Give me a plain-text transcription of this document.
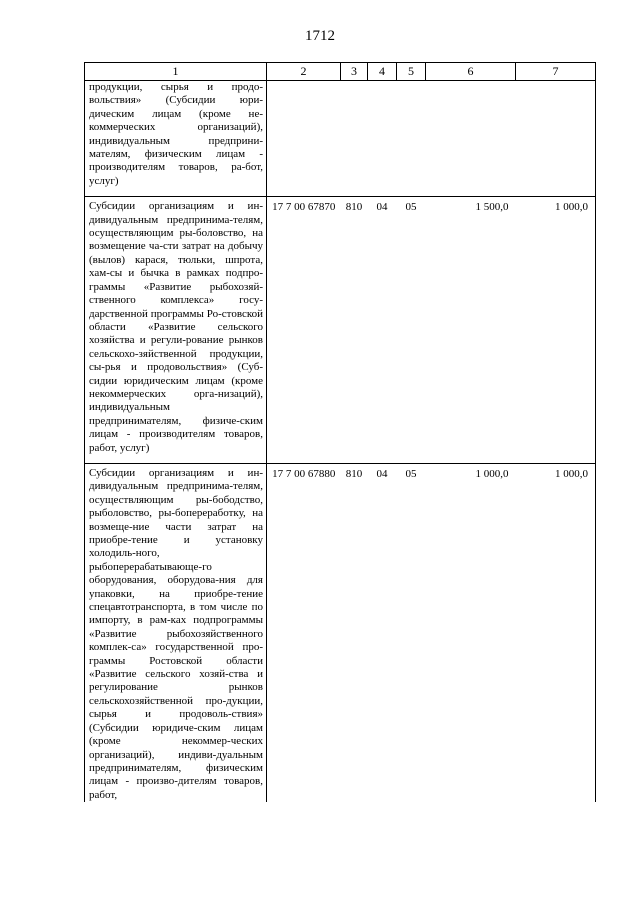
1712
1	2	3	4	5	6	7
продукции, сырья и продо-вольствия» (Субсидии юри-дическим лицам (кроме не-коммерческих организаций), индивидуальным предприни-мателям, физическим лицам - производителям товаров, ра-бот, услуг)						
Субсидии организациям и ин-дивидуальным предпринима-телям, осуществляющим ры-боловство, на возмещение ча-сти затрат на добычу (вылов) карася, тюльки, шпрота, хам-сы и бычка в рамках подпро-граммы «Развитие рыбохозяй-ственного комплекса» госу-дарственной программы Ро-стовской области «Развитие сельского хозяйства и регули-рование рынков сельскохо-зяйственной продукции, сы-рья и продовольствия» (Суб-сидии юридическим лицам (кроме некоммерческих орга-низаций), индивидуальным предпринимателям, физиче-ским лицам - производителям товаров, работ, услуг)	17 7 00 67870	810	04	05	1 500,0	1 000,0
Субсидии организациям и ин-дивидуальным предпринима-телям, осуществляющим ры-бободство, рыболовство, ры-бопереработку, на возмеще-ние части затрат на приобре-тение и установку холодиль-ного, рыбоперерабатывающе-го оборудования, оборудова-ния для упаковки, на приобре-тение спецавтотранспорта, в том числе по импорту, в рам-ках подпрограммы «Развитие рыбохозяйственного комплек-са» государственной про-граммы Ростовской области «Развитие сельского хозяй-ства и регулирование рынков сельскохозяйственной про-дукции, сырья и продоволь-ствия» (Субсидии юридиче-ским лицам (кроме некоммер-ческих организаций), индиви-дуальным предпринимателям, физическим лицам - произво-дителям товаров, работ,	17 7 00 67880	810	04	05	1 000,0	1 000,0
